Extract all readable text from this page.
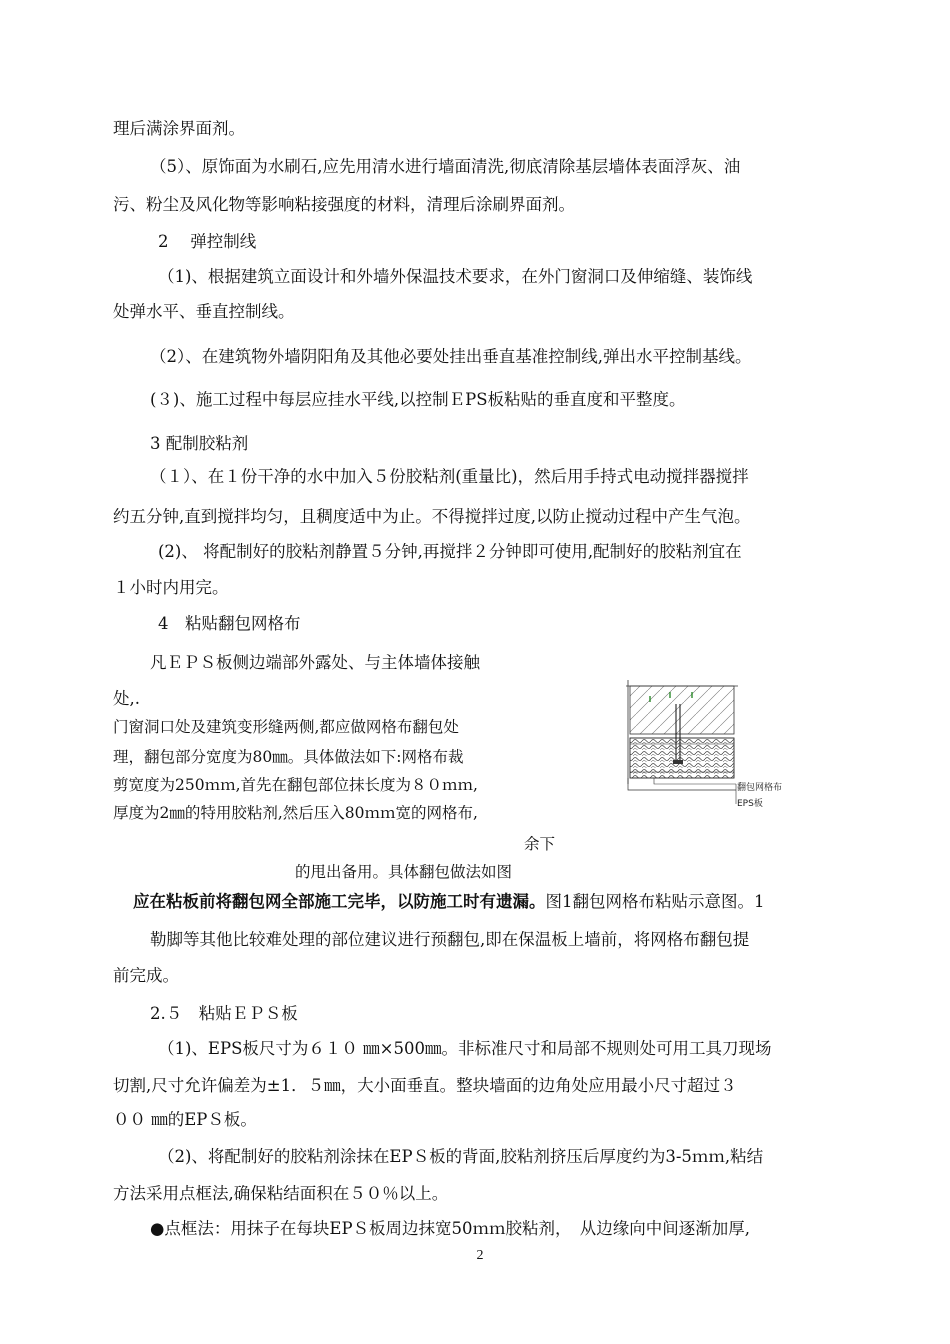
理后满涂界面剂。
（5）、原饰面为水刷石,应先用清水进行墙面清洗,彻底清除基层墙体表面浮灰、油
污、粉尘及风化物等影响粘接强度的材料，清理后涂刷界面剂。
2　 弹控制线
（1)、根据建筑立面设计和外墙外保温技术要求，在外门窗洞口及伸缩缝、装饰线
处弹水平、垂直控制线。
（2）、在建筑物外墙阴阳角及其他必要处挂出垂直基准控制线,弹出水平控制基线。
(３)、施工过程中每层应挂水平线,以控制ＥPS板粘贴的垂直度和平整度。
3 配制胶粘剂
（１）、在１份干净的水中加入５份胶粘剂(重量比)，然后用手持式电动搅拌器搅拌
约五分钟,直到搅拌均匀，且稠度适中为止。不得搅拌过度,以防止搅动过程中产生气泡。
(2)、 将配制好的胶粘剂静置５分钟,再搅拌２分钟即可使用,配制好的胶粘剂宜在
１小时内用完。
4　粘贴翻包网格布
凡ＥＰＳ板侧边端部外露处、与主体墙体接触
处,.
门窗洞口处及建筑变形缝两侧,都应做网格布翻包处
理，翻包部分宽度为80㎜。具体做法如下:网格布裁
剪宽度为250ｍｍ,首先在翻包部位抹长度为８０ｍｍ,
厚度为2㎜的特用胶粘剂,然后压入80ｍｍ宽的网格布,
余下
的甩出备用。具体翻包做法如图
翻包网格布
EPS板
应在粘板前将翻包网全部施工完毕，以防施工时有遗漏。图1翻包网格布粘贴示意图。1
勒脚等其他比较难处理的部位建议进行预翻包,即在保温板上墙前，将网格布翻包提
前完成。
2.５　粘贴ＥＰＳ板
（1)、EPS板尺寸为６１０ ㎜×500㎜。非标准尺寸和局部不规则处可用工具刀现场
切割,尺寸允许偏差为±1．５㎜，大小面垂直。整块墙面的边角处应用最小尺寸超过３
００ ㎜的EPＳ板。
（2)、将配制好的胶粘剂涂抹在EPＳ板的背面,胶粘剂挤压后厚度约为3-5ｍｍ,粘结
方法采用点框法,确保粘结面积在５０％以上。
●点框法：用抹子在每块EPＳ板周边抹宽50ｍｍ胶粘剂，　从边缘向中间逐渐加厚,
2
